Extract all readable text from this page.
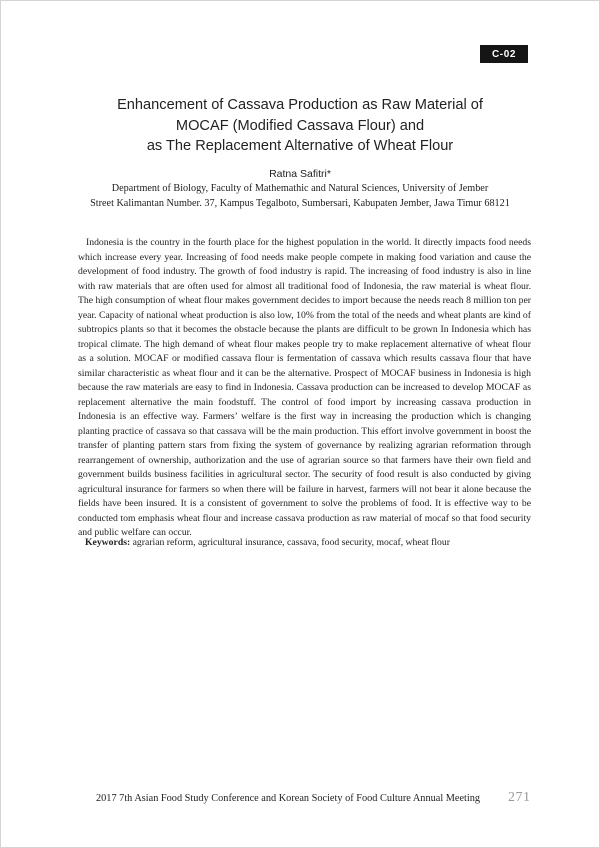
C-02
Enhancement of Cassava Production as Raw Material of
MOCAF (Modified Cassava Flour) and
as The Replacement Alternative of Wheat Flour
Ratna Safitri*
Department of Biology, Faculty of Mathemathic and Natural Sciences, University of Jember
Street Kalimantan Number. 37, Kampus Tegalboto, Sumbersari, Kabupaten Jember, Jawa Timur 68121

Indonesia is the country in the fourth place for the highest population in the world. It directly impacts food needs which increase every year. Increasing of food needs make people compete in making food variation and cause the development of food industry. The growth of food industry is rapid. The increasing of food industry is also in line with raw materials that are often used for almost all traditional food of Indonesia, the raw material is wheat flour. The high consumption of wheat flour makes government decides to import because the needs reach 8 million ton per year. Capacity of national wheat production is also low, 10% from the total of the needs and wheat plants are kind of subtropics plants so that it becomes the obstacle because the plants are difficult to be grown In Indonesia which has tropical climate. The high demand of wheat flour makes people try to make replacement alternative of wheat flour as a solution. MOCAF or modified cassava flour is fermentation of cassava which results cassava flour that have similar characteristic as wheat flour and it can be the alternative. Prospect of MOCAF business in Indonesia is high because the raw materials are easy to find in Indonesia. Cassava production can be increased to develop MOCAF as replacement alternative the main foodstuff. The control of food import by increasing cassava production in Indonesia is an effective way. Farmers’ welfare is the first way in increasing the production which is changing planting practice of cassava so that cassava will be the main production. This effort involve government in boost the transfer of planting pattern stars from fixing the system of governance by realizing agrarian reformation through rearrangement of ownership, authorization and the use of agrarian source so that farmers have their own field and government builds business facilities in agricultural sector. The security of food result is also conducted by giving agricultural insurance for farmers so when there will be failure in harvest, farmers will not bear it alone because the fields have been insured. It is a consistent of government to solve the problems of food. It is effective way to be conducted tom emphasis wheat flour and increase cassava production as raw material of mocaf so that food security and public welfare can occur.

Keywords: agrarian reform, agricultural insurance, cassava, food security, mocaf, wheat flour
2017 7th Asian Food Study Conference and Korean Society of Food Culture Annual Meeting	271
